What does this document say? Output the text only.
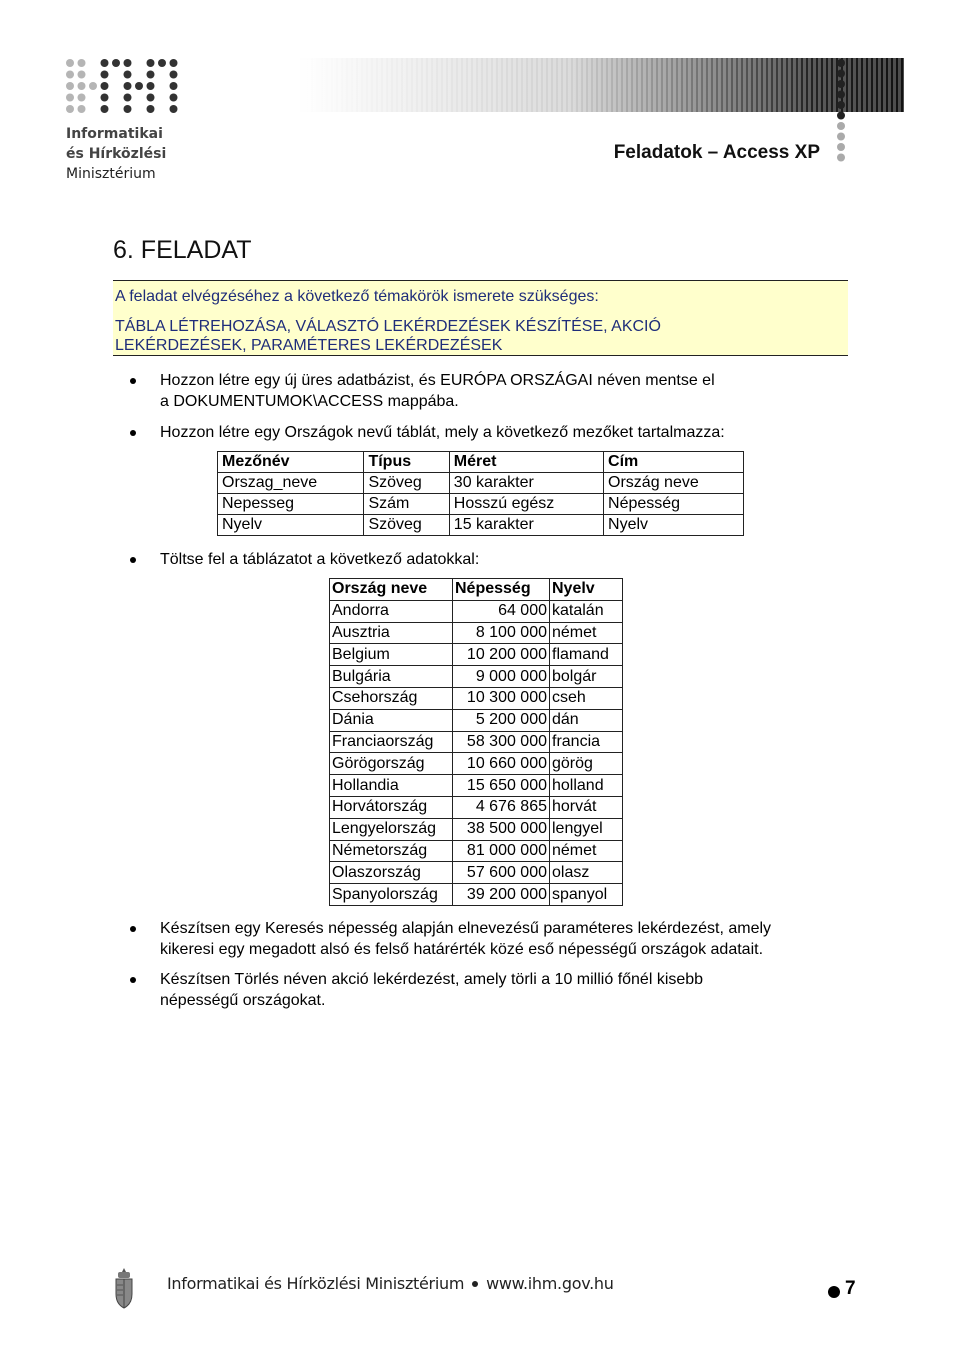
Informatikai
és Hírközlési
Minisztérium
Feladatok – Access XP
6. FELADAT
A feladat elvégzéséhez a következő témakörök ismerete szükséges:
TÁBLA LÉTREHOZÁSA, VÁLASZTÓ LEKÉRDEZÉSEK KÉSZÍTÉSE, AKCIÓ
LEKÉRDEZÉSEK, PARAMÉTERES LEKÉRDEZÉSEK
Hozzon létre egy új üres adatbázist, és EURÓPA ORSZÁGAI néven mentse el
a DOKUMENTUMOK\ACCESS mappába.
Hozzon létre egy Országok nevű táblát, mely a következő mezőket tartalmazza:
Mezőnév	Típus	Méret	Cím
Orszag_neve	Szöveg	30 karakter	Ország neve
Nepesseg	Szám	Hosszú egész	Népesség
Nyelv	Szöveg	15 karakter	Nyelv
Töltse fel a táblázatot a következő adatokkal:
Ország neve	Népesség	Nyelv
Andorra	64 000	katalán
Ausztria	8 100 000	német
Belgium	10 200 000	flamand
Bulgária	9 000 000	bolgár
Csehország	10 300 000	cseh
Dánia	5 200 000	dán
Franciaország	58 300 000	francia
Görögország	10 660 000	görög
Hollandia	15 650 000	holland
Horvátország	4 676 865	horvát
Lengyelország	38 500 000	lengyel
Németország	81 000 000	német
Olaszország	57 600 000	olasz
Spanyolország	39 200 000	spanyol
Készítsen egy Keresés népesség alapján elnevezésű paraméteres lekérdezést, amely
kikeresi egy megadott alsó és felső határérték közé eső népességű országok adatait.
Készítsen Törlés néven akció lekérdezést, amely törli a 10 millió főnél kisebb
népességű országokat.
Informatikai és Hírközlési Minisztérium www.ihm.gov.hu	7
